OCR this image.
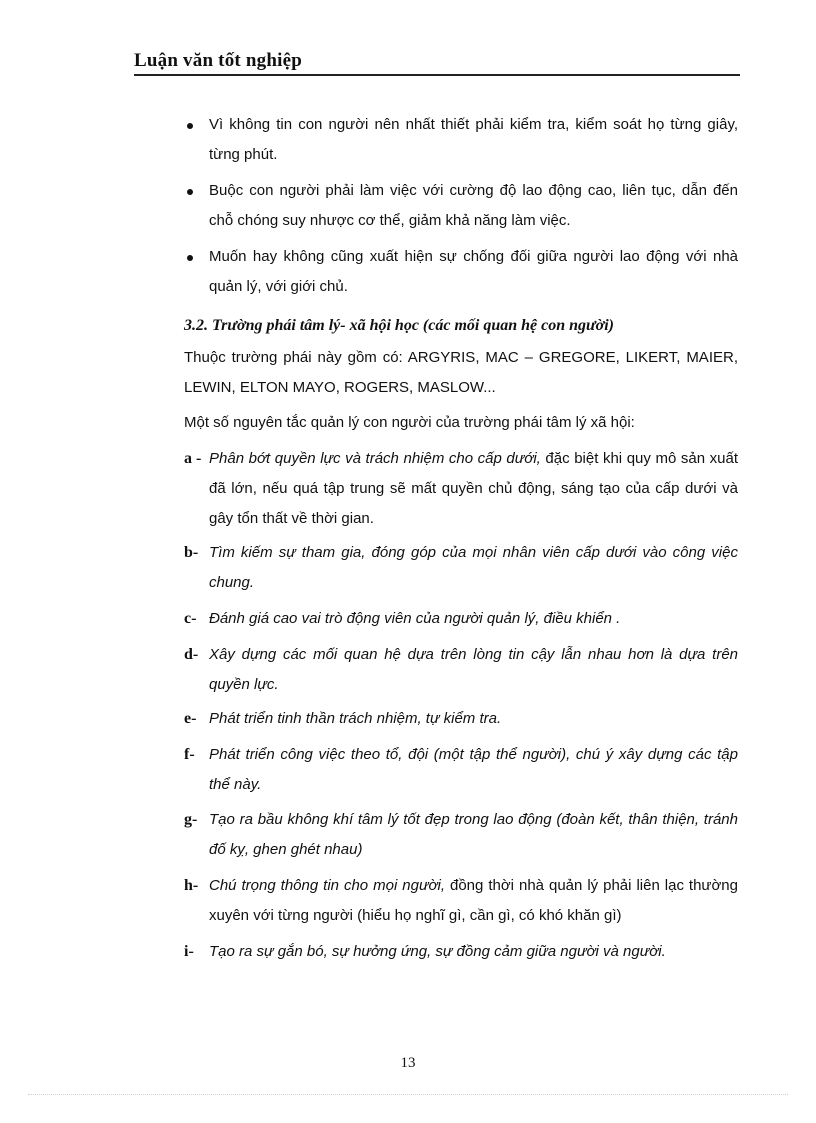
Luận văn tốt nghiệp

Vì không tin con người nên nhất thiết phải kiểm tra, kiểm soát họ từng giây, từng phút.

Buộc con người phải làm việc với cường độ lao động cao, liên tục, dẫn đến chỗ chóng suy nhược cơ thể, giảm khả năng làm việc.

Muốn hay không cũng xuất hiện sự chống đối giữa người lao động với nhà quản lý, với giới chủ.

3.2. Trường phái tâm lý- xã hội học (các mối quan hệ con người)

Thuộc trường phái này gồm có: ARGYRIS, MAC – GREGORE, LIKERT, MAIER, LEWIN, ELTON MAYO, ROGERS, MASLOW...

Một số nguyên tắc quản lý con người của trường phái tâm lý xã hội:

a - Phân bớt quyền lực và trách nhiệm cho cấp dưới, đặc biệt khi quy mô sản xuất đã lớn, nếu quá tập trung sẽ mất quyền chủ động, sáng tạo của cấp dưới và gây tổn thất về thời gian.

b- Tìm kiếm sự tham gia, đóng góp của mọi nhân viên cấp dưới vào công việc chung.

c- Đánh giá cao vai trò động viên của người quản lý, điều khiển .

d- Xây dựng các mối quan hệ dựa trên lòng tin cậy lẫn nhau hơn là dựa trên quyền lực.

e- Phát triển tinh thần trách nhiệm, tự kiểm tra.

f- Phát triển công việc theo tổ, đội (một tập thể người), chú ý xây dựng các tập thể này.

g- Tạo ra bầu không khí tâm lý tốt đẹp trong lao động (đoàn kết, thân thiện, tránh đố kỵ, ghen ghét nhau)

h- Chú trọng thông tin cho mọi người, đồng thời nhà quản lý phải liên lạc thường xuyên với từng người (hiểu họ nghĩ gì, cần gì, có khó khăn gì)

i-	Tạo ra sự gắn bó, sự hưởng ứng, sự đồng cảm giữa người và người.

13
